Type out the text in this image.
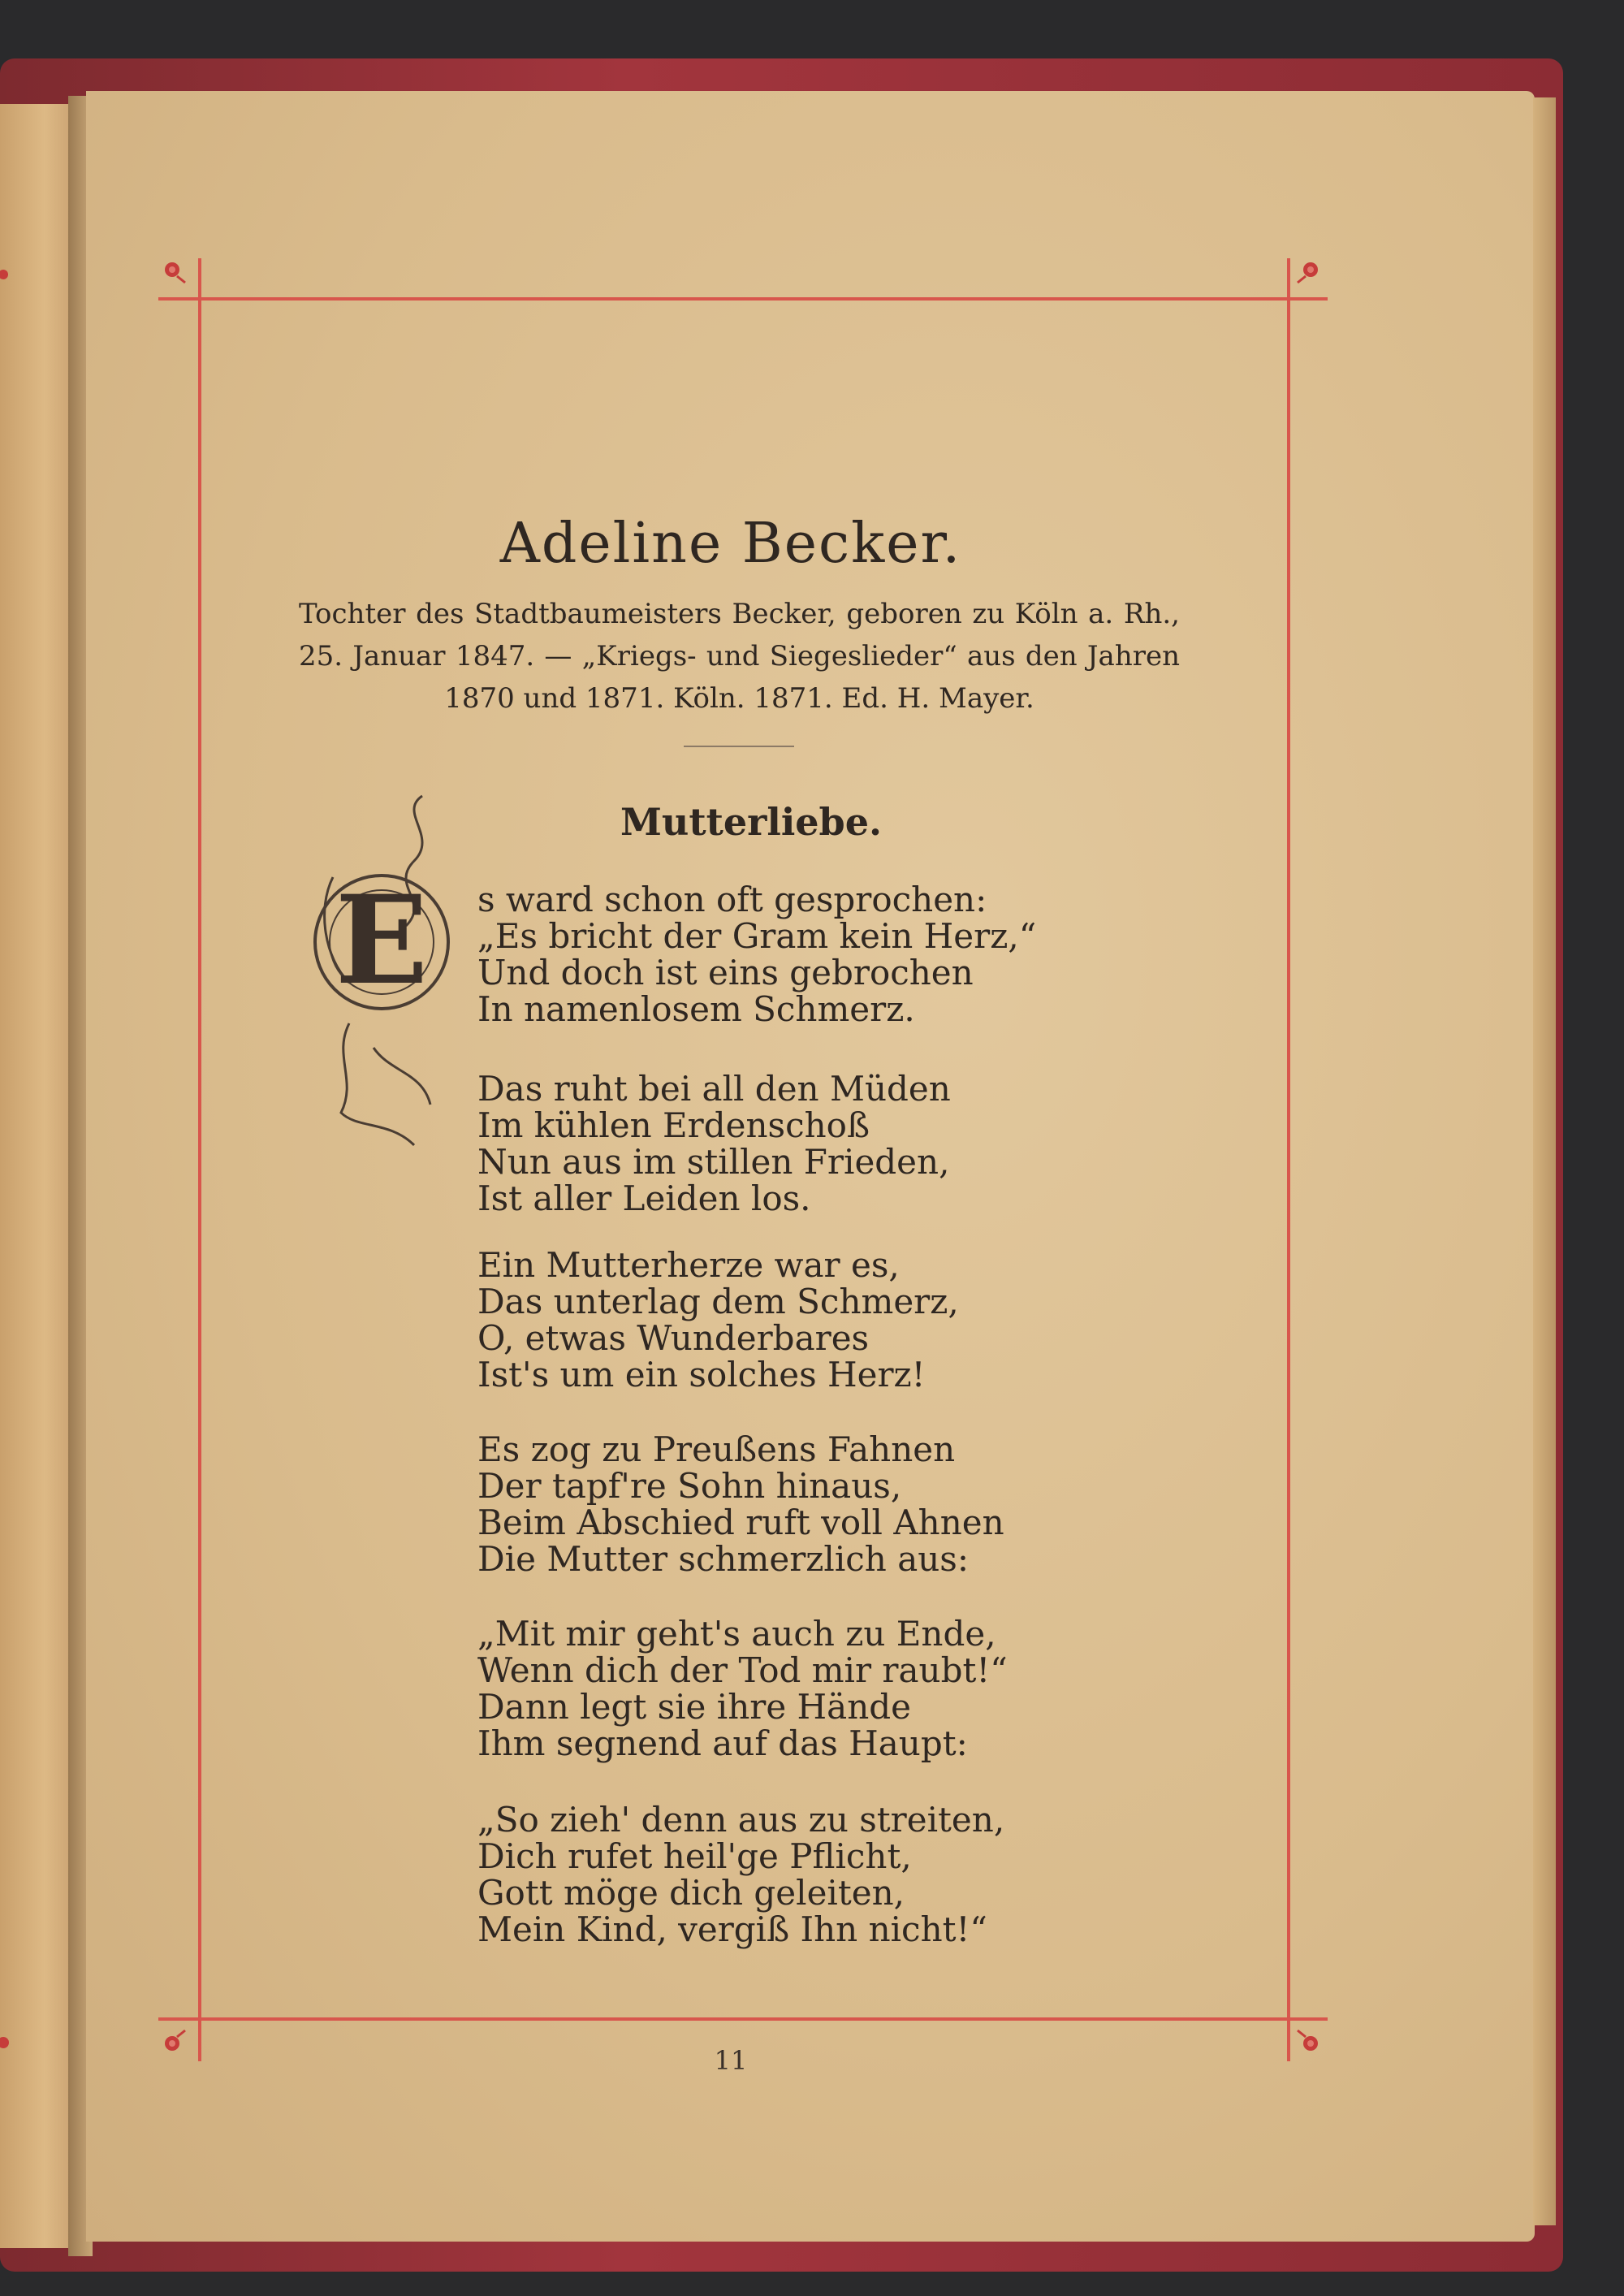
Adeline Becker.
Tochter des Stadtbaumeisters Becker, geboren zu Köln a. Rh., 25. Januar 1847. — „Kriegs- und Siegeslieder“ aus den Jahren 1870 und 1871. Köln. 1871. Ed. H. Mayer.
Mutterliebe.
E s ward schon oft gesprochen:
„Es bricht der Gram kein Herz,“
Und doch ist eins gebrochen
In namenlosem Schmerz.
Das ruht bei all den Müden
Im kühlen Erdenschoß
Nun aus im stillen Frieden,
Ist aller Leiden los.
Ein Mutterherze war es,
Das unterlag dem Schmerz,
O, etwas Wunderbares
Ist's um ein solches Herz!
Es zog zu Preußens Fahnen
Der tapf're Sohn hinaus,
Beim Abschied ruft voll Ahnen
Die Mutter schmerzlich aus:
„Mit mir geht's auch zu Ende,
Wenn dich der Tod mir raubt!“
Dann legt sie ihre Hände
Ihm segnend auf das Haupt:
„So zieh' denn aus zu streiten,
Dich rufet heil'ge Pflicht,
Gott möge dich geleiten,
Mein Kind, vergiß Ihn nicht!“
11
